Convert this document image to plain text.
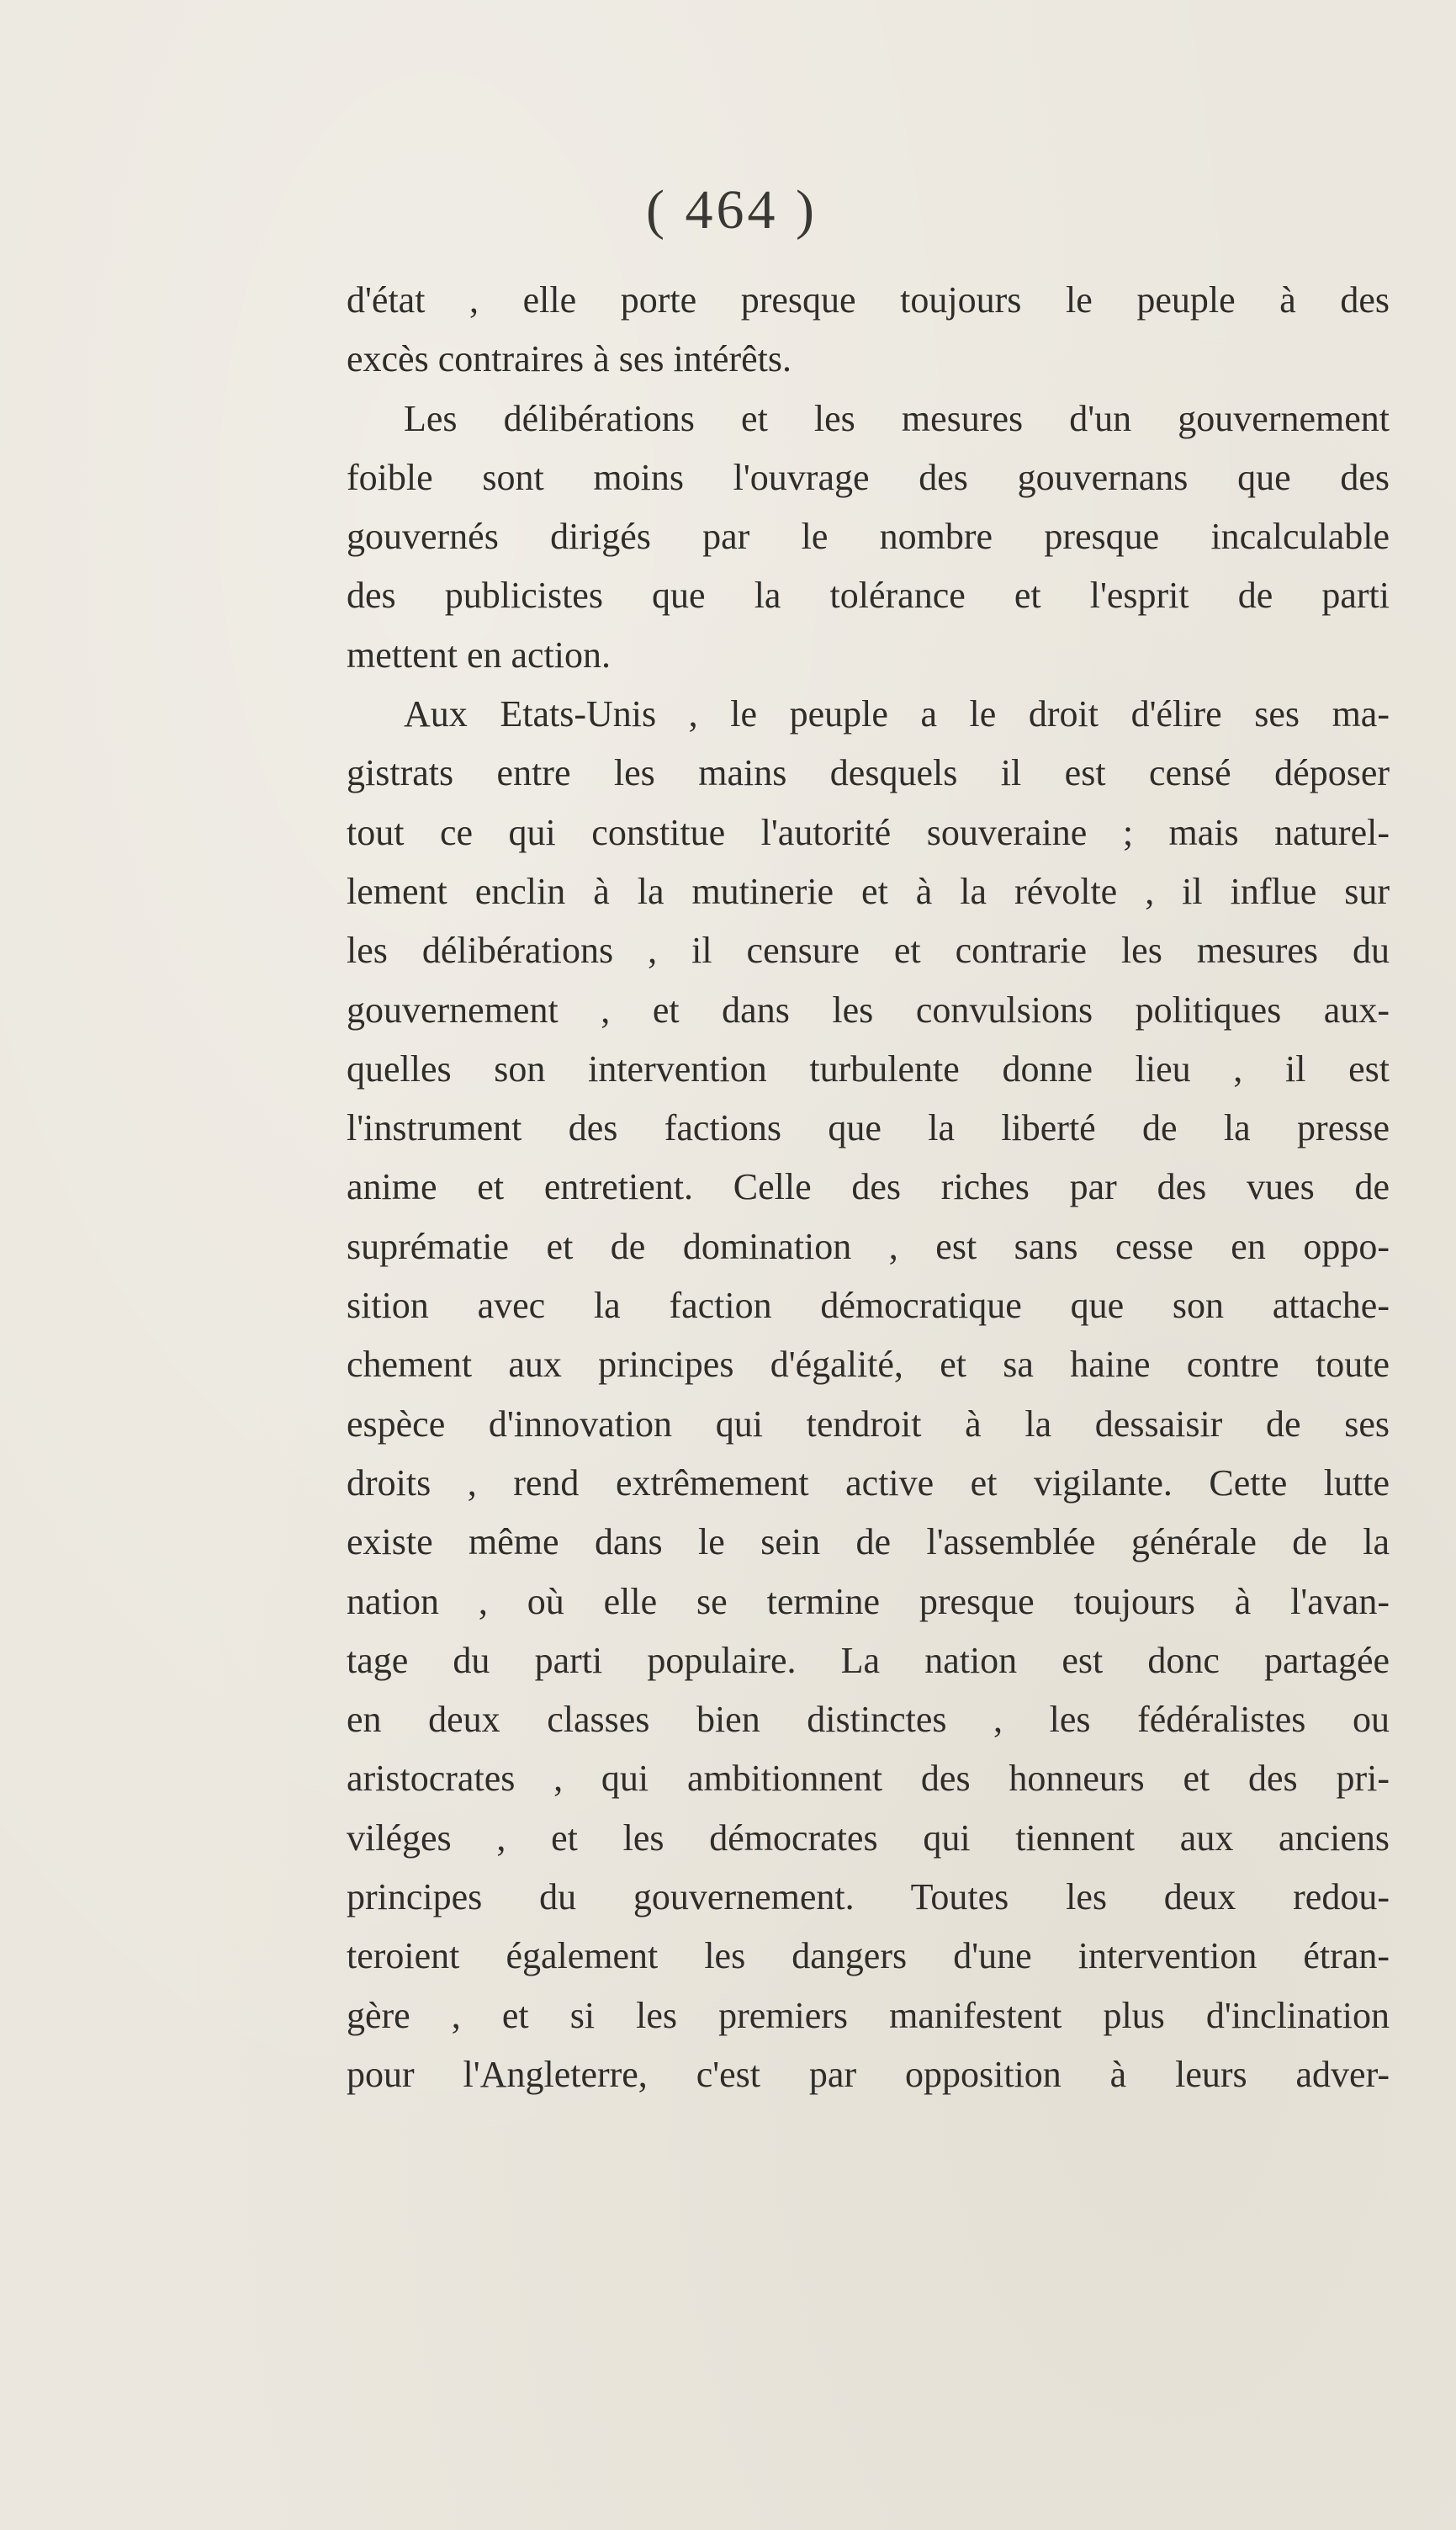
( 464 )
d'état , elle porte presque toujours le peuple à des
excès contraires à ses intérêts.
Les délibérations et les mesures d'un gouvernement
foible sont moins l'ouvrage des gouvernans que des
gouvernés dirigés par le nombre presque incalculable
des publicistes que la tolérance et l'esprit de parti
mettent en action.
Aux Etats-Unis , le peuple a le droit d'élire ses ma-
gistrats entre les mains desquels il est censé déposer
tout ce qui constitue l'autorité souveraine ; mais naturel-
lement enclin à la mutinerie et à la révolte , il influe sur
les délibérations , il censure et contrarie les mesures du
gouvernement , et dans les convulsions politiques aux-
quelles son intervention turbulente donne lieu , il est
l'instrument des factions que la liberté de la presse
anime et entretient. Celle des riches par des vues de
suprématie et de domination , est sans cesse en oppo-
sition avec la faction démocratique que son attache-
chement aux principes d'égalité, et sa haine contre toute
espèce d'innovation qui tendroit à la dessaisir de ses
droits , rend extrêmement active et vigilante. Cette lutte
existe même dans le sein de l'assemblée générale de la
nation , où elle se termine presque toujours à l'avan-
tage du parti populaire. La nation est donc partagée
en deux classes bien distinctes , les fédéralistes ou
aristocrates , qui ambitionnent des honneurs et des pri-
viléges , et les démocrates qui tiennent aux anciens
principes du gouvernement. Toutes les deux redou-
teroient également les dangers d'une intervention étran-
gère , et si les premiers manifestent plus d'inclination
pour l'Angleterre, c'est par opposition à leurs adver-
